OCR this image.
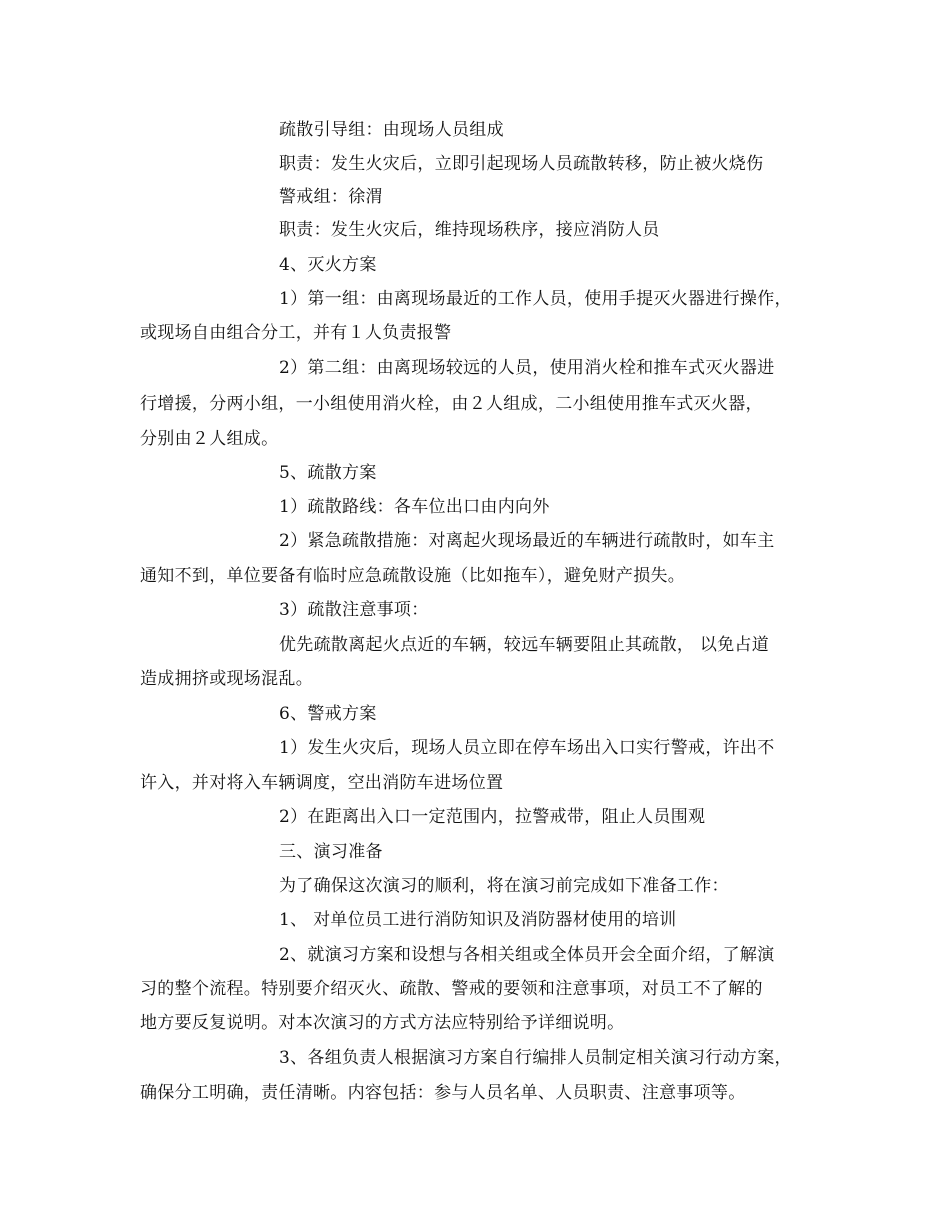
疏散引导组：由现场人员组成
职责：发生火灾后，立即引起现场人员疏散转移，防止被火烧伤
警戒组：徐渭
职责：发生火灾后，维持现场秩序，接应消防人员
4、灭火方案
1）第一组：由离现场最近的工作人员，使用手提灭火器进行操作，
或现场自由组合分工，并有１人负责报警
2）第二组：由离现场较远的人员，使用消火栓和推车式灭火器进
行增援，分两小组，一小组使用消火栓，由２人组成，二小组使用推车式灭火器，
分别由２人组成。
5、疏散方案
1）疏散路线：各车位出口由内向外
2）紧急疏散措施：对离起火现场最近的车辆进行疏散时，如车主
通知不到，单位要备有临时应急疏散设施（比如拖车），避免财产损失。
3）疏散注意事项：
优先疏散离起火点近的车辆，较远车辆要阻止其疏散， 以免占道
造成拥挤或现场混乱。
6、警戒方案
1）发生火灾后，现场人员立即在停车场出入口实行警戒，许出不
许入，并对将入车辆调度，空出消防车进场位置
2）在距离出入口一定范围内，拉警戒带，阻止人员围观
三、演习准备
为了确保这次演习的顺利，将在演习前完成如下准备工作：
1、 对单位员工进行消防知识及消防器材使用的培训
2、就演习方案和设想与各相关组或全体员开会全面介绍，了解演
习的整个流程。特别要介绍灭火、疏散、警戒的要领和注意事项，对员工不了解的
地方要反复说明。对本次演习的方式方法应特别给予详细说明。
3、各组负责人根据演习方案自行编排人员制定相关演习行动方案，
确保分工明确，责任清晰。内容包括：参与人员名单、人员职责、注意事项等。
